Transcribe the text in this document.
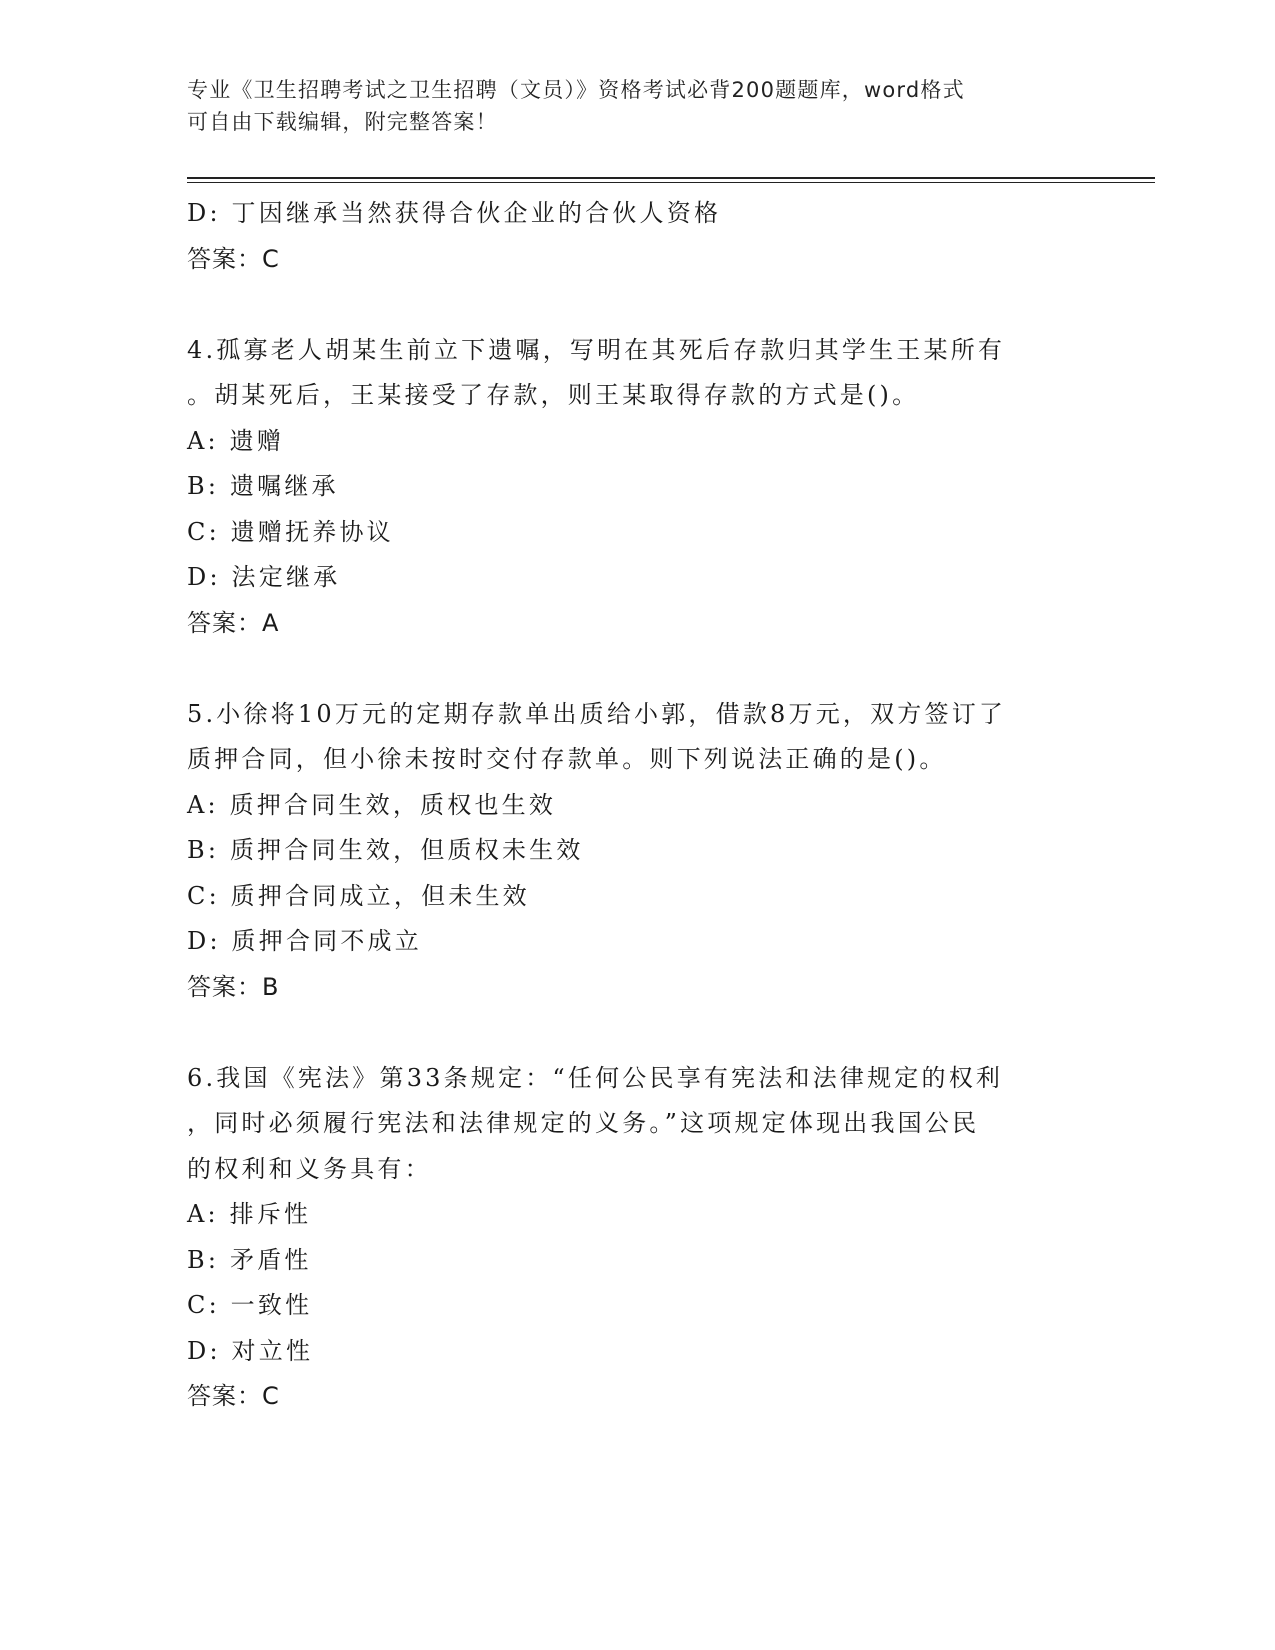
专业《卫生招聘考试之卫生招聘（文员）》资格考试必背200题题库，word格式
可自由下载编辑，附完整答案！
D: 丁因继承当然获得合伙企业的合伙人资格
答案：C
4.孤寡老人胡某生前立下遗嘱，写明在其死后存款归其学生王某所有
。胡某死后，王某接受了存款，则王某取得存款的方式是()。
A: 遗赠
B: 遗嘱继承
C: 遗赠抚养协议
D: 法定继承
答案：A
5.小徐将10万元的定期存款单出质给小郭，借款8万元，双方签订了
质押合同，但小徐未按时交付存款单。则下列说法正确的是()。
A: 质押合同生效，质权也生效
B: 质押合同生效，但质权未生效
C: 质押合同成立，但未生效
D: 质押合同不成立
答案：B
6.我国《宪法》第33条规定：“任何公民享有宪法和法律规定的权利
，同时必须履行宪法和法律规定的义务。”这项规定体现出我国公民
的权利和义务具有：
A: 排斥性
B: 矛盾性
C: 一致性
D: 对立性
答案：C
